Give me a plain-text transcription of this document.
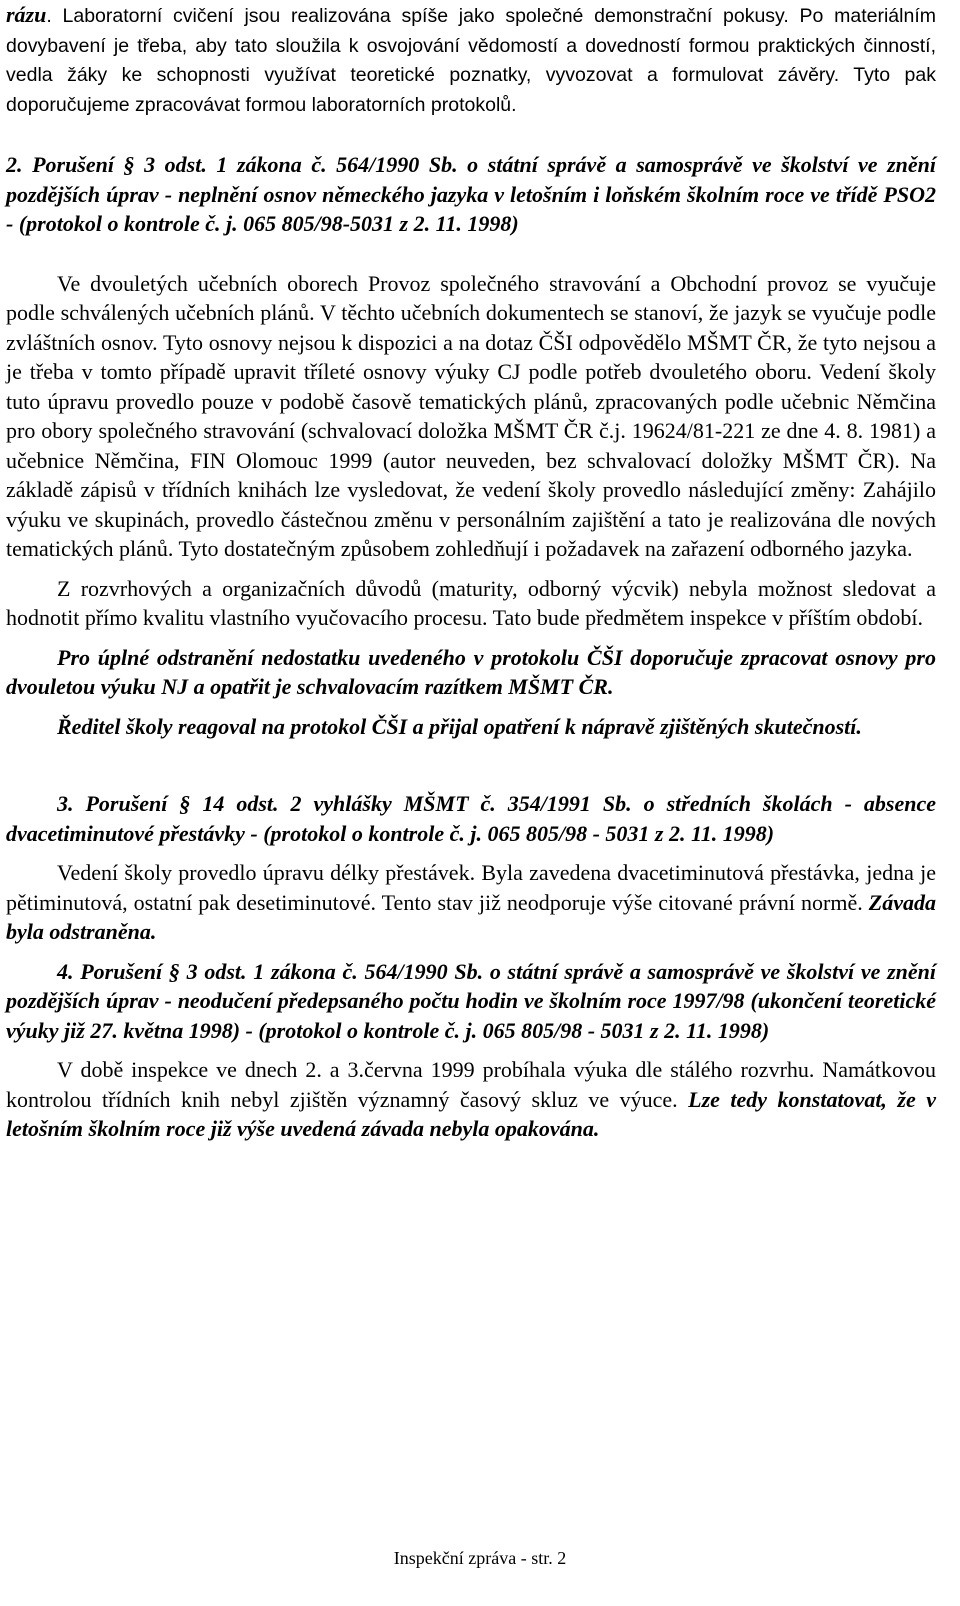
rázu. Laboratorní cvičení jsou realizována spíše jako společné demonstrační pokusy. Po materiálním dovybavení je třeba, aby tato sloužila k osvojování vědomostí a dovedností formou praktických činností, vedla žáky ke schopnosti využívat teoretické poznatky, vyvozovat a formulovat závěry. Tyto pak doporučujeme zpracovávat formou laboratorních protokolů.

2. Porušení § 3 odst. 1 zákona č. 564/1990 Sb. o státní správě a samosprávě ve školství ve znění pozdějších úprav - neplnění osnov německého jazyka v letošním i loňském školním roce ve třídě PSO2 - (protokol o kontrole č. j. 065 805/98-5031 z 2. 11. 1998)

Ve dvouletých učebních oborech Provoz společného stravování a Obchodní provoz se vyučuje podle schválených učebních plánů. V těchto učebních dokumentech se stanoví, že jazyk se vyučuje podle zvláštních osnov. Tyto osnovy nejsou k dispozici a na dotaz ČŠI odpovědělo MŠMT ČR, že tyto nejsou a je třeba v tomto případě upravit tříleté osnovy výuky CJ podle potřeb dvouletého oboru. Vedení školy tuto úpravu provedlo pouze v podobě časově tematických plánů, zpracovaných podle učebnic Němčina pro obory společného stravování (schvalovací doložka MŠMT ČR č.j. 19624/81-221 ze dne 4. 8. 1981) a učebnice Němčina, FIN Olomouc 1999 (autor neuveden, bez schvalovací doložky MŠMT ČR). Na základě zápisů v třídních knihách lze vysledovat, že vedení školy provedlo následující změny: Zahájilo výuku ve skupinách, provedlo částečnou změnu v personálním zajištění a tato je realizována dle nových tematických plánů. Tyto dostatečným způsobem zohledňují i požadavek na zařazení odborného jazyka.

Z rozvrhových a organizačních důvodů (maturity, odborný výcvik) nebyla možnost sledovat a hodnotit přímo kvalitu vlastního vyučovacího procesu. Tato bude předmětem inspekce v příštím období.

Pro úplné odstranění nedostatku uvedeného v protokolu ČŠI doporučuje zpracovat osnovy pro dvouletou výuku NJ a opatřit je schvalovacím razítkem MŠMT ČR.

Ředitel školy reagoval na protokol ČŠI a přijal opatření k nápravě zjištěných skutečností.

3. Porušení § 14 odst. 2 vyhlášky MŠMT č. 354/1991 Sb. o středních školách - absence dvacetiminutové přestávky - (protokol o kontrole č. j. 065 805/98 - 5031 z 2. 11. 1998)

Vedení školy provedlo úpravu délky přestávek. Byla zavedena dvacetiminutová přestávka, jedna je pětiminutová, ostatní pak desetiminutové. Tento stav již neodporuje výše citované právní normě. Závada byla odstraněna.

4. Porušení § 3 odst. 1 zákona č. 564/1990 Sb. o státní správě a samosprávě ve školství ve znění pozdějších úprav - neodučení předepsaného počtu hodin ve školním roce 1997/98 (ukončení teoretické výuky již 27. května 1998) - (protokol o kontrole č. j. 065 805/98 - 5031 z 2. 11. 1998)

V době inspekce ve dnech 2. a 3.června 1999 probíhala výuka dle stálého rozvrhu. Namátkovou kontrolou třídních knih nebyl zjištěn významný časový skluz ve výuce. Lze tedy konstatovat, že v letošním školním roce již výše uvedená závada nebyla opakována.

Inspekční zpráva - str. 2
